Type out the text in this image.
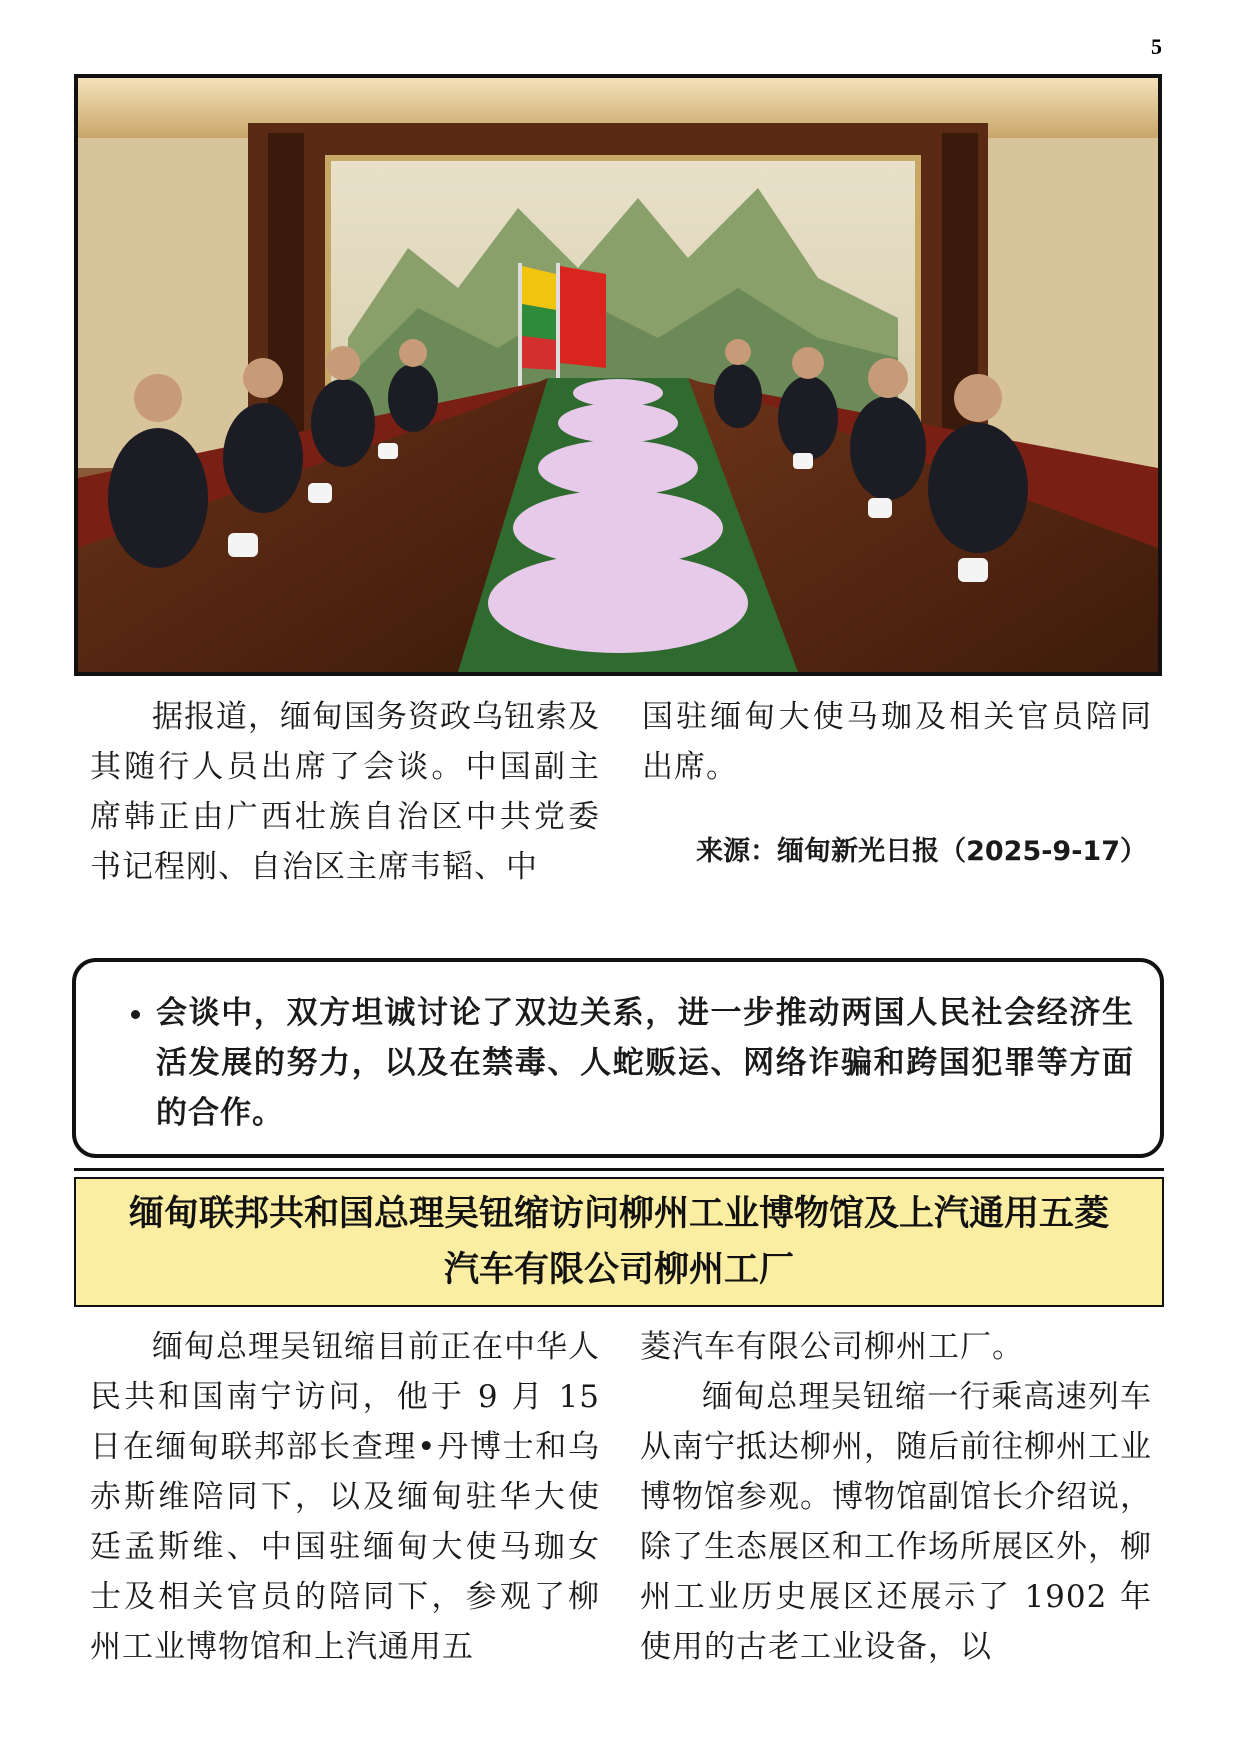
5

据报道，缅甸国务资政乌钮索及其随行人员出席了会谈。中国副主席韩正由广西壮族自治区中共党委书记程刚、自治区主席韦韬、中

国驻缅甸大使马珈及相关官员陪同出席。

来源：缅甸新光日报（2025-9-17）
• 会谈中，双方坦诚讨论了双边关系，进一步推动两国人民社会经济生活发展的努力，以及在禁毒、人蛇贩运、网络诈骗和跨国犯罪等方面的合作。
缅甸联邦共和国总理吴钮缩访问柳州工业博物馆及上汽通用五菱
汽车有限公司柳州工厂

缅甸总理吴钮缩目前正在中华人民共和国南宁访问，他于 9 月 15 日在缅甸联邦部长查理•丹博士和乌赤斯维陪同下，以及缅甸驻华大使廷孟斯维、中国驻缅甸大使马珈女士及相关官员的陪同下，参观了柳州工业博物馆和上汽通用五

菱汽车有限公司柳州工厂。

缅甸总理吴钮缩一行乘高速列车从南宁抵达柳州，随后前往柳州工业博物馆参观。博物馆副馆长介绍说，除了生态展区和工作场所展区外，柳州工业历史展区还展示了 1902 年使用的古老工业设备，以
